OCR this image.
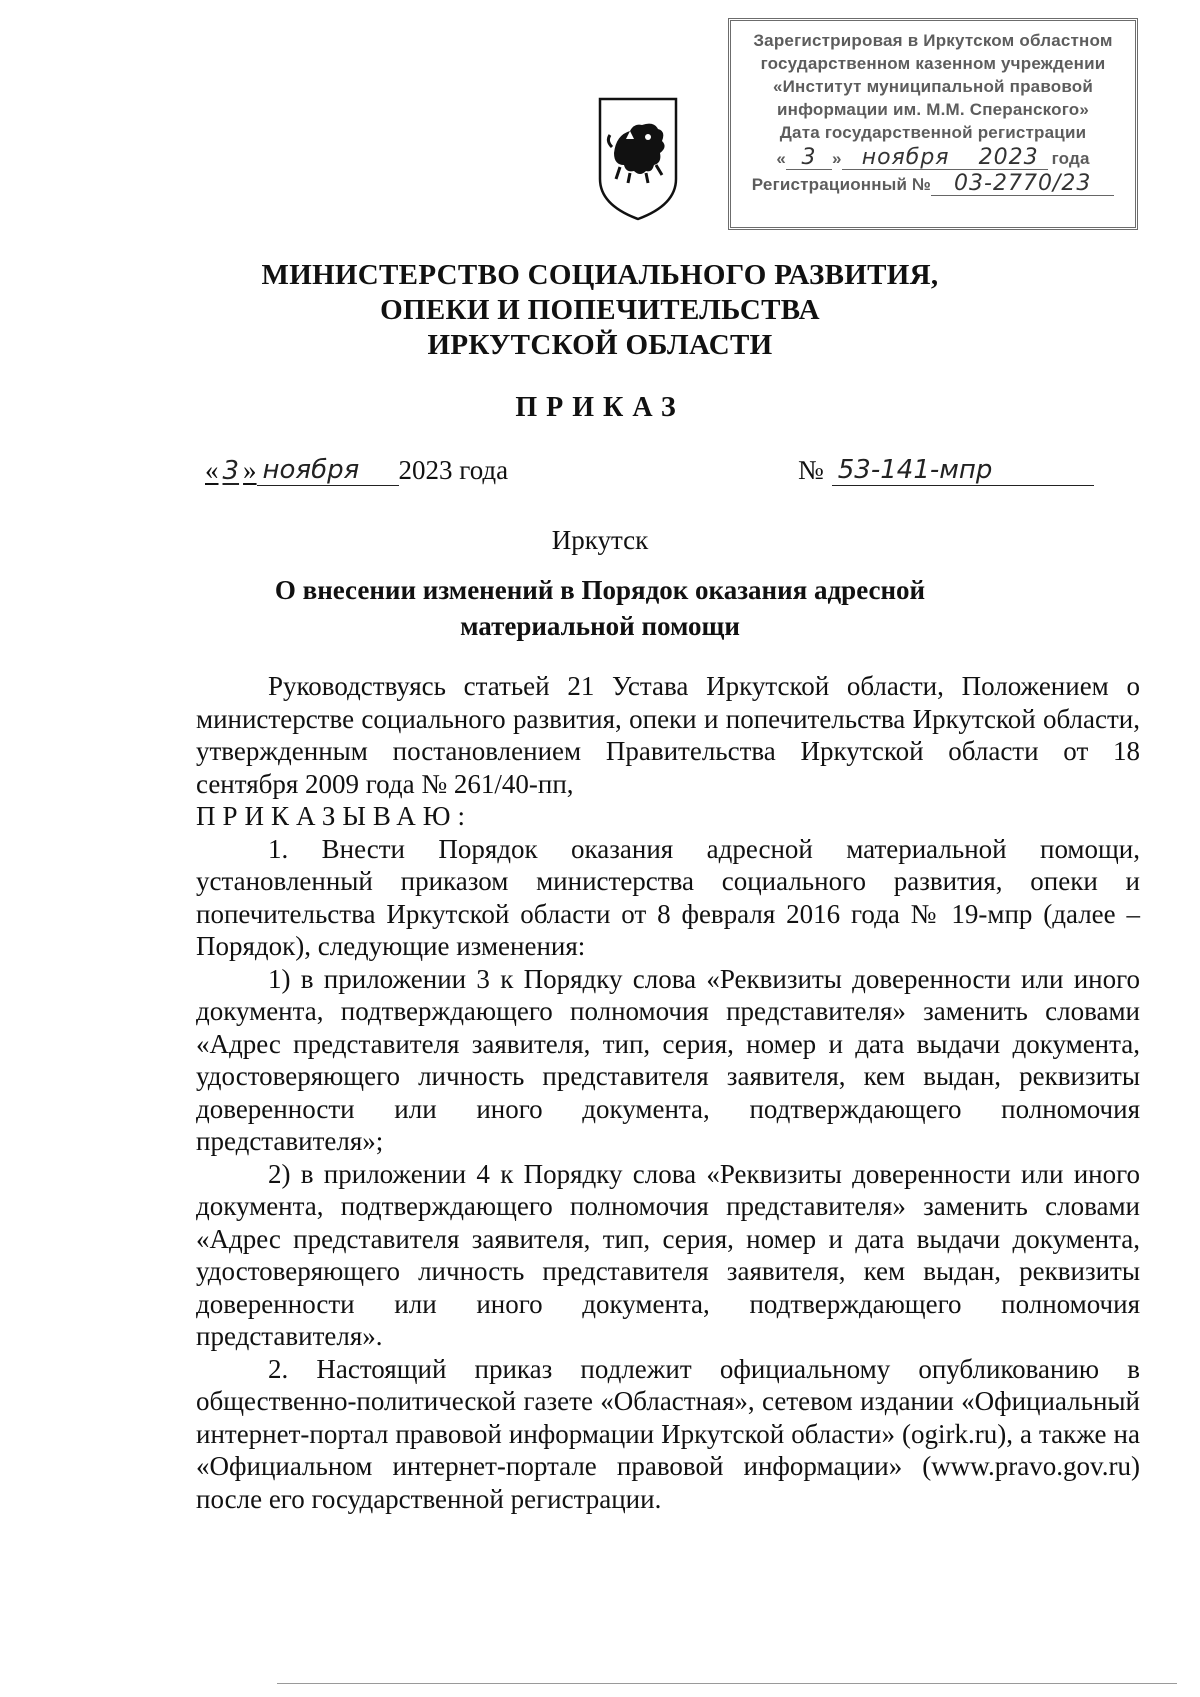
Зарегистрировая в Иркутском областном
государственном казенном учреждении
«Институт муниципальной правовой
информации им. М.М. Сперанского»
Дата государственной регистрации
« 3 » ноября	2023 года
Регистрационный №	03-2770/23
МИНИСТЕРСТВО СОЦИАЛЬНОГО РАЗВИТИЯ,
ОПЕКИ И ПОПЕЧИТЕЛЬСТВА
ИРКУТСКОЙ ОБЛАСТИ
ПРИКАЗ
« 3 » ноября	2023 года	№ 53-141-мпр
Иркутск
О внесении изменений в Порядок оказания адресной
материальной помощи

Руководствуясь статьей 21 Устава Иркутской области, Положением о министерстве социального развития, опеки и попечительства Иркутской области, утвержденным постановлением Правительства Иркутской области от 18 сентября 2009 года № 261/40-пп,

ПРИКАЗЫВАЮ:

1. Внести Порядок оказания адресной материальной помощи, установленный приказом министерства социального развития, опеки и попечительства Иркутской области от 8 февраля 2016 года № 19-мпр (далее – Порядок), следующие изменения:

1) в приложении 3 к Порядку слова «Реквизиты доверенности или иного документа, подтверждающего полномочия представителя» заменить словами «Адрес представителя заявителя, тип, серия, номер и дата выдачи документа, удостоверяющего личность представителя заявителя, кем выдан, реквизиты доверенности или иного документа, подтверждающего полномочия представителя»;

2) в приложении 4 к Порядку слова «Реквизиты доверенности или иного документа, подтверждающего полномочия представителя» заменить словами «Адрес представителя заявителя, тип, серия, номер и дата выдачи документа, удостоверяющего личность представителя заявителя, кем выдан, реквизиты доверенности или иного документа, подтверждающего полномочия представителя».

2. Настоящий приказ подлежит официальному опубликованию в общественно-политической газете «Областная», сетевом издании «Официальный интернет-портал правовой информации Иркутской области» (ogirk.ru), а также на «Официальном интернет-портале правовой информации» (www.pravo.gov.ru) после его государственной регистрации.
